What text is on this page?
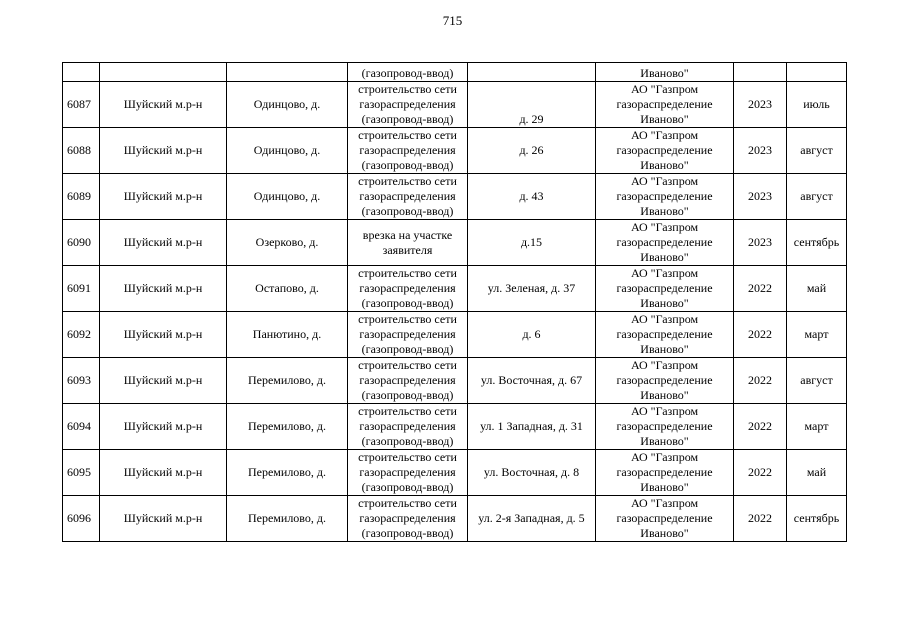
715
			(газопровод-ввод)		Иваново"		
6087	Шуйский м.р-н	Одинцово, д.	строительство сети
газораспределения
(газопровод-ввод)	д. 29	АО "Газпром
газораспределение
Иваново"	2023	июль
6088	Шуйский м.р-н	Одинцово, д.	строительство сети
газораспределения
(газопровод-ввод)	д. 26	АО "Газпром
газораспределение
Иваново"	2023	август
6089	Шуйский м.р-н	Одинцово, д.	строительство сети
газораспределения
(газопровод-ввод)	д. 43	АО "Газпром
газораспределение
Иваново"	2023	август
6090	Шуйский м.р-н	Озерково, д.	врезка на участке
заявителя	д.15	АО "Газпром
газораспределение
Иваново"	2023	сентябрь
6091	Шуйский м.р-н	Остапово, д.	строительство сети
газораспределения
(газопровод-ввод)	ул. Зеленая, д. 37	АО "Газпром
газораспределение
Иваново"	2022	май
6092	Шуйский м.р-н	Панютино, д.	строительство сети
газораспределения
(газопровод-ввод)	д. 6	АО "Газпром
газораспределение
Иваново"	2022	март
6093	Шуйский м.р-н	Перемилово, д.	строительство сети
газораспределения
(газопровод-ввод)	ул. Восточная, д. 67	АО "Газпром
газораспределение
Иваново"	2022	август
6094	Шуйский м.р-н	Перемилово, д.	строительство сети
газораспределения
(газопровод-ввод)	ул. 1 Западная, д. 31	АО "Газпром
газораспределение
Иваново"	2022	март
6095	Шуйский м.р-н	Перемилово, д.	строительство сети
газораспределения
(газопровод-ввод)	ул. Восточная, д. 8	АО "Газпром
газораспределение
Иваново"	2022	май
6096	Шуйский м.р-н	Перемилово, д.	строительство сети
газораспределения
(газопровод-ввод)	ул. 2-я Западная, д. 5	АО "Газпром
газораспределение
Иваново"	2022	сентябрь
